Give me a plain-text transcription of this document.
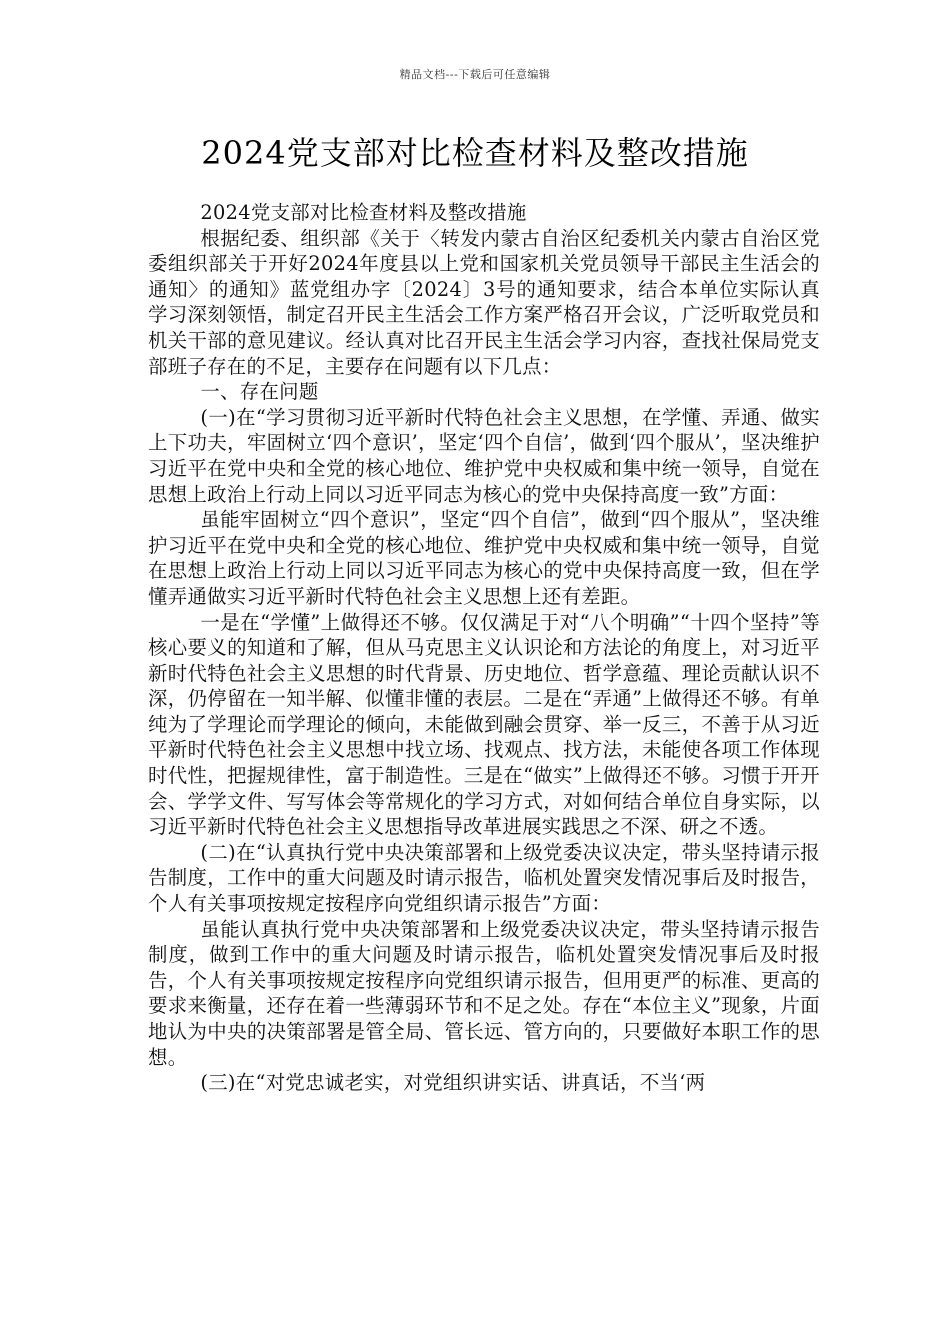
精品文档---下载后可任意编辑
2024党支部对比检查材料及整改措施

2024党支部对比检查材料及整改措施

根据纪委、组织部《关于〈转发内蒙古自治区纪委机关内蒙古自治区党委组织部关于开好2024年度县以上党和国家机关党员领导干部民主生活会的通知〉的通知》蓝党组办字〔2024〕3号的通知要求，结合本单位实际认真学习深刻领悟，制定召开民主生活会工作方案严格召开会议，广泛听取党员和机关干部的意见建议。经认真对比召开民主生活会学习内容，查找社保局党支部班子存在的不足，主要存在问题有以下几点：

一、存在问题

(一)在“学习贯彻习近平新时代特色社会主义思想，在学懂、弄通、做实上下功夫，牢固树立‘四个意识’，坚定‘四个自信’，做到‘四个服从’，坚决维护习近平在党中央和全党的核心地位、维护党中央权威和集中统一领导，自觉在思想上政治上行动上同以习近平同志为核心的党中央保持高度一致”方面：

虽能牢固树立“四个意识”，坚定“四个自信”，做到“四个服从”，坚决维护习近平在党中央和全党的核心地位、维护党中央权威和集中统一领导，自觉在思想上政治上行动上同以习近平同志为核心的党中央保持高度一致，但在学懂弄通做实习近平新时代特色社会主义思想上还有差距。

一是在“学懂”上做得还不够。仅仅满足于对“八个明确”“十四个坚持”等核心要义的知道和了解，但从马克思主义认识论和方法论的角度上，对习近平新时代特色社会主义思想的时代背景、历史地位、哲学意蕴、理论贡献认识不深，仍停留在一知半解、似懂非懂的表层。二是在“弄通”上做得还不够。有单纯为了学理论而学理论的倾向，未能做到融会贯穿、举一反三，不善于从习近平新时代特色社会主义思想中找立场、找观点、找方法，未能使各项工作体现时代性，把握规律性，富于制造性。三是在“做实”上做得还不够。习惯于开开会、学学文件、写写体会等常规化的学习方式，对如何结合单位自身实际，以习近平新时代特色社会主义思想指导改革进展实践思之不深、研之不透。

(二)在“认真执行党中央决策部署和上级党委决议决定，带头坚持请示报告制度，工作中的重大问题及时请示报告，临机处置突发情况事后及时报告，个人有关事项按规定按程序向党组织请示报告”方面：

虽能认真执行党中央决策部署和上级党委决议决定，带头坚持请示报告制度，做到工作中的重大问题及时请示报告，临机处置突发情况事后及时报告，个人有关事项按规定按程序向党组织请示报告，但用更严的标准、更高的要求来衡量，还存在着一些薄弱环节和不足之处。存在“本位主义”现象，片面地认为中央的决策部署是管全局、管长远、管方向的，只要做好本职工作的思想。

(三)在“对党忠诚老实，对党组织讲实话、讲真话，不当‘两
